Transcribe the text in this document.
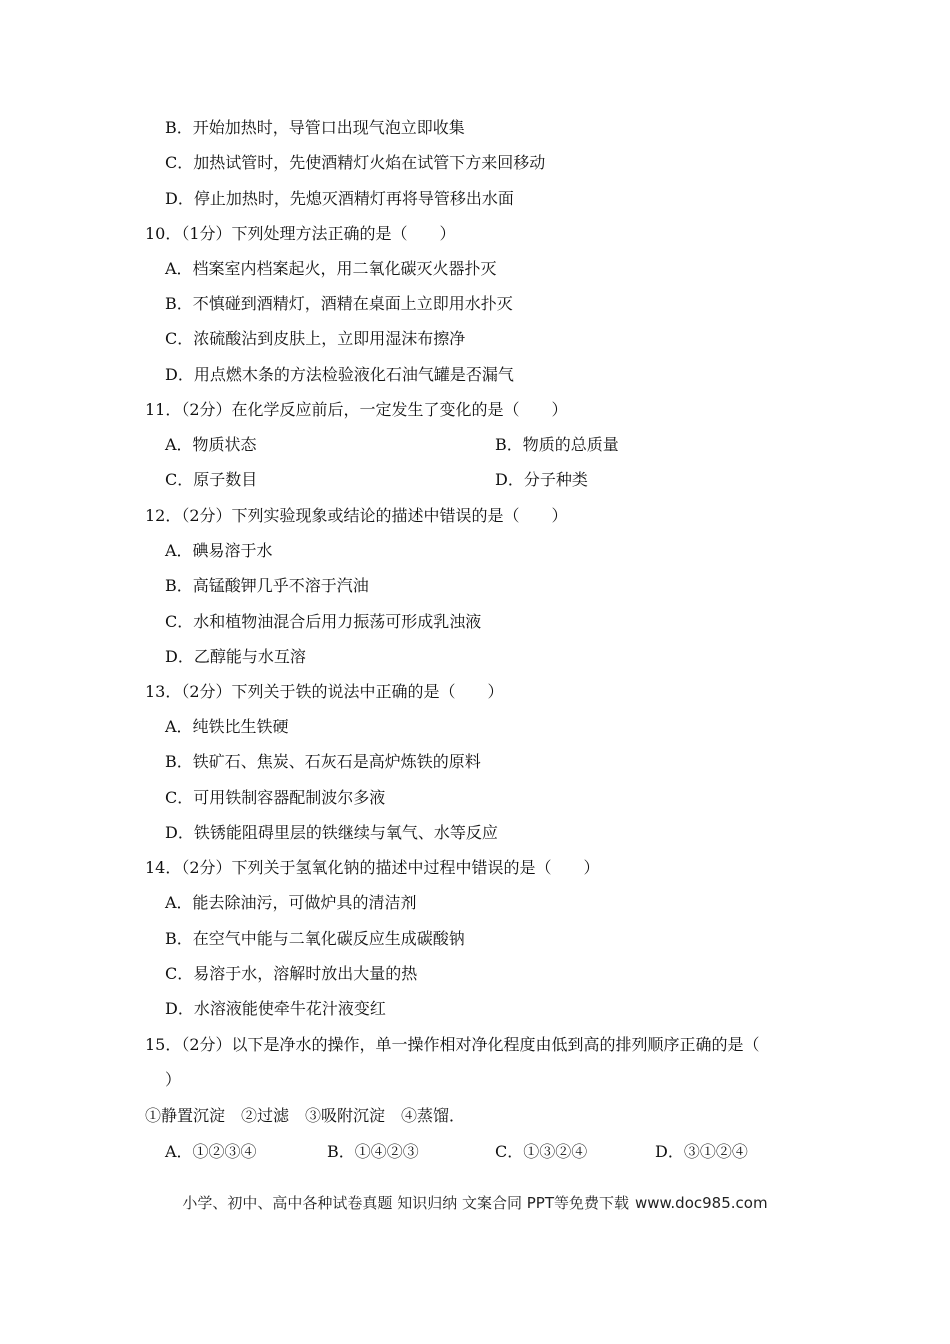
B．开始加热时，导管口出现气泡立即收集
C．加热试管时，先使酒精灯火焰在试管下方来回移动
D．停止加热时，先熄灭酒精灯再将导管移出水面
10．（1分）下列处理方法正确的是（　　）
A．档案室内档案起火，用二氧化碳灭火器扑灭
B．不慎碰到酒精灯，酒精在桌面上立即用水扑灭
C．浓硫酸沾到皮肤上，立即用湿沫布擦净
D．用点燃木条的方法检验液化石油气罐是否漏气
11．（2分）在化学反应前后，一定发生了变化的是（　　）
A．物质状态	B．物质的总质量
C．原子数目	D．分子种类
12．（2分）下列实验现象或结论的描述中错误的是（　　）
A．碘易溶于水
B．高锰酸钾几乎不溶于汽油
C．水和植物油混合后用力振荡可形成乳浊液
D．乙醇能与水互溶
13．（2分）下列关于铁的说法中正确的是（　　）
A．纯铁比生铁硬
B．铁矿石、焦炭、石灰石是高炉炼铁的原料
C．可用铁制容器配制波尔多液
D．铁锈能阻碍里层的铁继续与氧气、水等反应
14．（2分）下列关于氢氧化钠的描述中过程中错误的是（　　）
A．能去除油污，可做炉具的清洁剂
B．在空气中能与二氧化碳反应生成碳酸钠
C．易溶于水，溶解时放出大量的热
D．水溶液能使牵牛花汁液变红
15．（2分）以下是净水的操作，单一操作相对净化程度由低到高的排列顺序正确的是（
）
①静置沉淀　②过滤　③吸附沉淀　④蒸馏．
A．①②③④	B．①④②③	C．①③②④	D．③①②④
小学、初中、高中各种试卷真题 知识归纳 文案合同 PPT等免费下载 www.doc985.com
